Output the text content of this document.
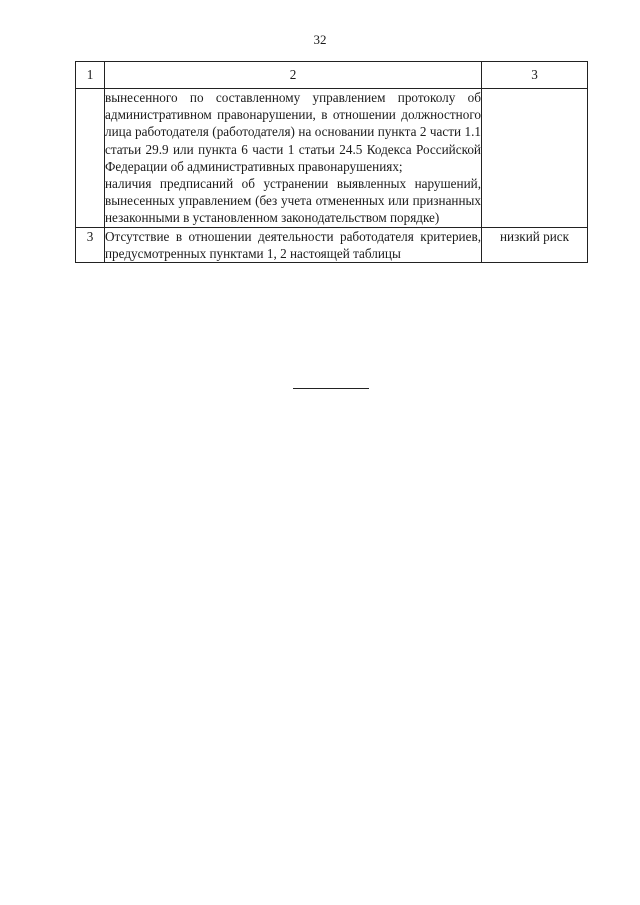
32
1	2	3

	вынесенного по составленному управлением протоколу об административном правонарушении, в отношении должностного лица работодателя (работодателя) на основании пункта 2 части 1.1 статьи 29.9 или пункта 6 части 1 статьи 24.5 Кодекса Российской Федерации об административных правонарушениях;

наличия предписаний об устранении выявленных нарушений, вынесенных управлением (без учета отмененных или признанных незаконными в установленном законодательством порядке)	

3	Отсутствие в отношении деятельности работодателя критериев, предусмотренных пунктами 1, 2 настоящей таблицы	низкий риск
